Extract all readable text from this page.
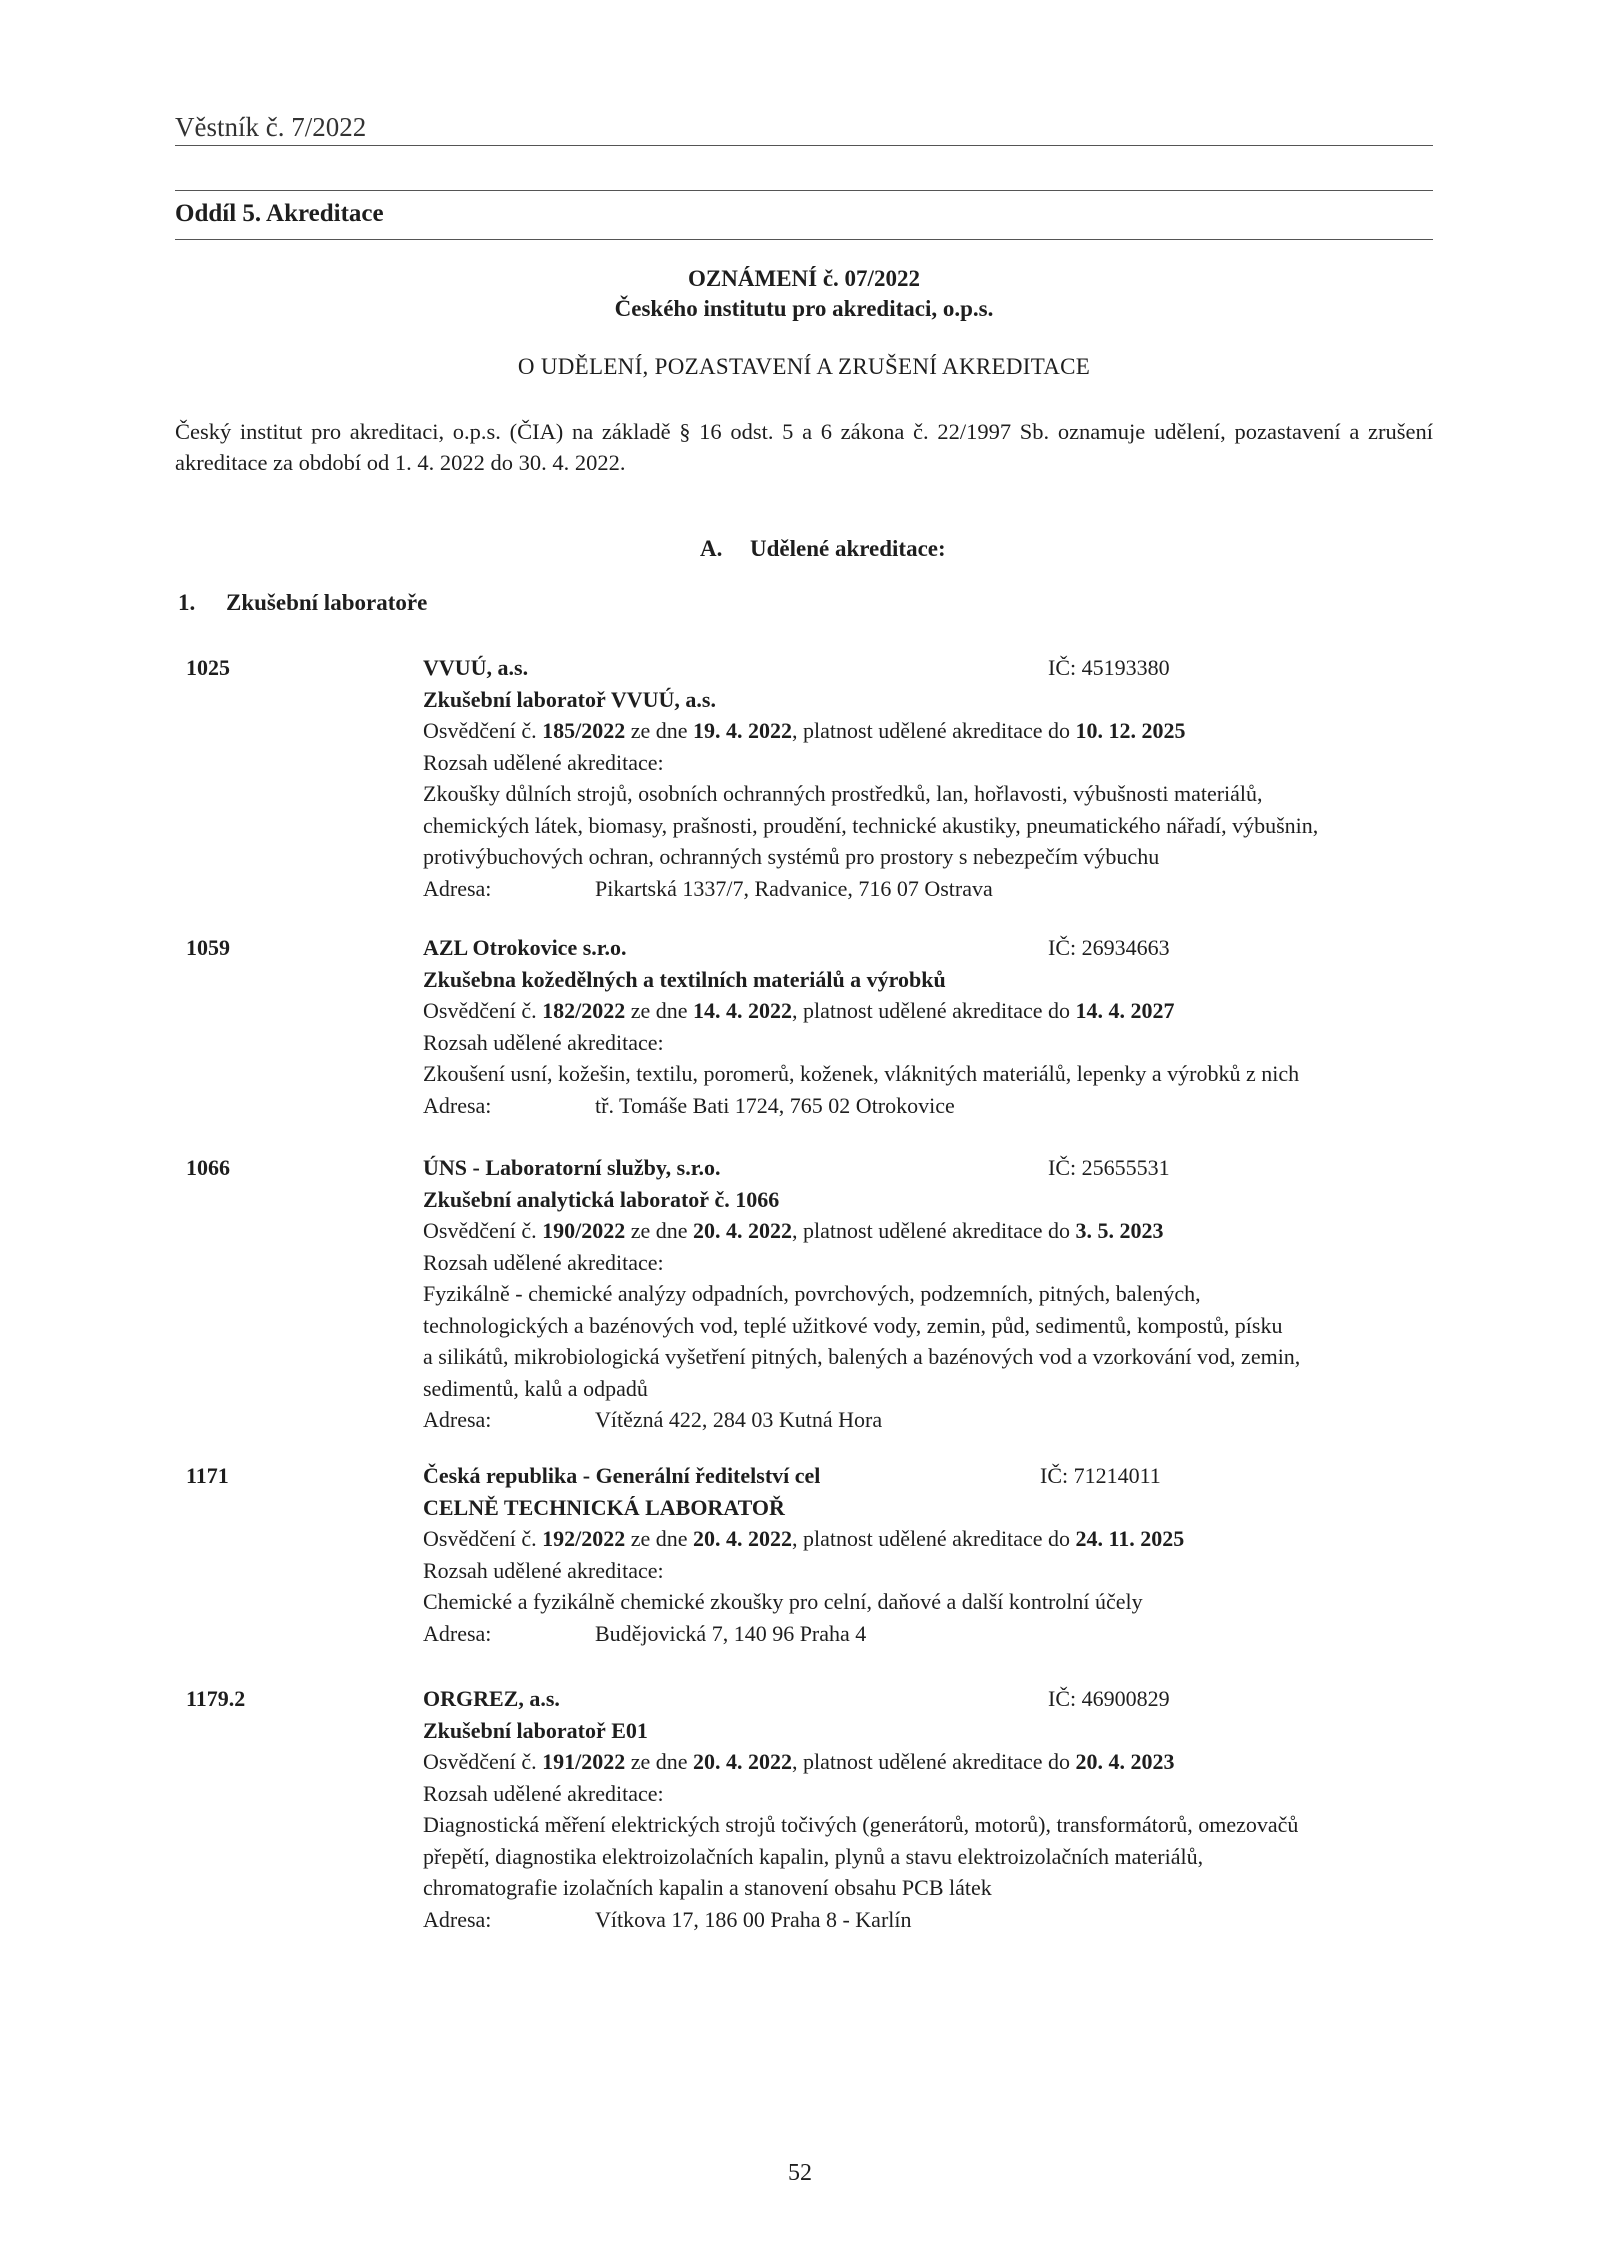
Věstník č. 7/2022
Oddíl 5. Akreditace
OZNÁMENÍ č. 07/2022
Českého institutu pro akreditaci, o.p.s.
O UDĚLENÍ, POZASTAVENÍ A ZRUŠENÍ AKREDITACE
Český institut pro akreditaci, o.p.s. (ČIA) na základě § 16 odst. 5 a 6 zákona č. 22/1997 Sb. oznamuje udělení, pozastavení a zrušení akreditace za období od 1. 4. 2022 do 30. 4. 2022.
A. Udělené akreditace:
1. Zkušební laboratoře
1025	VVUÚ, a.s.	IČ: 45193380
Zkušební laboratoř VVUÚ, a.s.
Osvědčení č. 185/2022 ze dne 19. 4. 2022, platnost udělené akreditace do 10. 12. 2025
Rozsah udělené akreditace:
Zkoušky důlních strojů, osobních ochranných prostředků, lan, hořlavosti, výbušnosti materiálů,
chemických látek, biomasy, prašnosti, proudění, technické akustiky, pneumatického nářadí, výbušnin,
protivýbuchových ochran, ochranných systémů pro prostory s nebezpečím výbuchu
Adresa:	Pikartská 1337/7, Radvanice, 716 07 Ostrava
1059	AZL Otrokovice s.r.o.	IČ: 26934663
Zkušebna kožedělných a textilních materiálů a výrobků
Osvědčení č. 182/2022 ze dne 14. 4. 2022, platnost udělené akreditace do 14. 4. 2027
Rozsah udělené akreditace:
Zkoušení usní, kožešin, textilu, poromerů, koženek, vláknitých materiálů, lepenky a výrobků z nich
Adresa:	tř. Tomáše Bati 1724, 765 02 Otrokovice
1066	ÚNS - Laboratorní služby, s.r.o.	IČ: 25655531
Zkušební analytická laboratoř č. 1066
Osvědčení č. 190/2022 ze dne 20. 4. 2022, platnost udělené akreditace do 3. 5. 2023
Rozsah udělené akreditace:
Fyzikálně - chemické analýzy odpadních, povrchových, podzemních, pitných, balených,
technologických a bazénových vod, teplé užitkové vody, zemin, půd, sedimentů, kompostů, písku
a silikátů, mikrobiologická vyšetření pitných, balených a bazénových vod a vzorkování vod, zemin,
sedimentů, kalů a odpadů
Adresa:	Vítězná 422, 284 03 Kutná Hora
1171	Česká republika - Generální ředitelství cel	IČ: 71214011
CELNĚ TECHNICKÁ LABORATOŘ
Osvědčení č. 192/2022 ze dne 20. 4. 2022, platnost udělené akreditace do 24. 11. 2025
Rozsah udělené akreditace:
Chemické a fyzikálně chemické zkoušky pro celní, daňové a další kontrolní účely
Adresa:	Budějovická 7, 140 96 Praha 4
1179.2	ORGREZ, a.s.	IČ: 46900829
Zkušební laboratoř E01
Osvědčení č. 191/2022 ze dne 20. 4. 2022, platnost udělené akreditace do 20. 4. 2023
Rozsah udělené akreditace:
Diagnostická měření elektrických strojů točivých (generátorů, motorů), transformátorů, omezovačů
přepětí, diagnostika elektroizolačních kapalin, plynů a stavu elektroizolačních materiálů,
chromatografie izolačních kapalin a stanovení obsahu PCB látek
Adresa:	Vítkova 17, 186 00 Praha 8 - Karlín
52
